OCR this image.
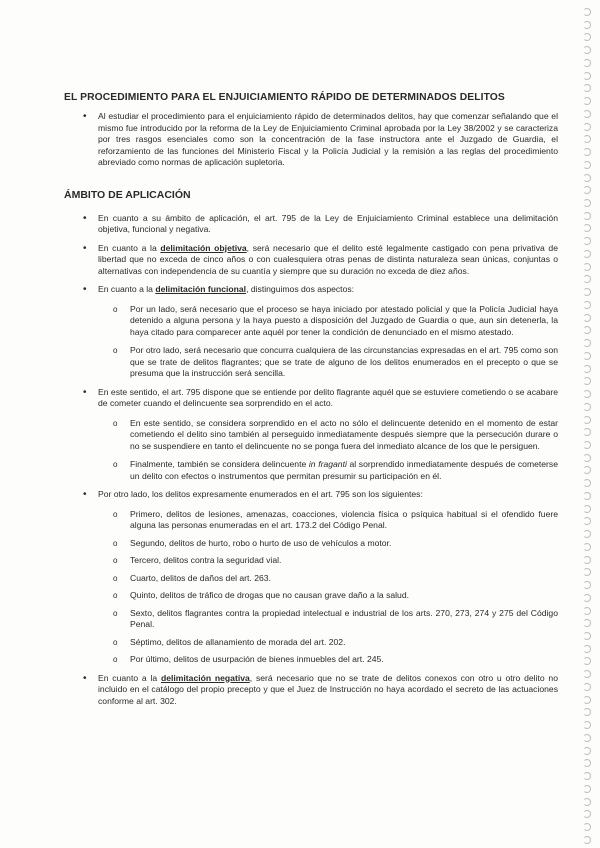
EL PROCEDIMIENTO PARA EL ENJUICIAMIENTO RÁPIDO DE DETERMINADOS DELITOS
• Al estudiar el procedimiento para el enjuiciamiento rápido de determinados delitos, hay que comenzar señalando que el mismo fue introducido por la reforma de la Ley de Enjuiciamiento Criminal aprobada por la Ley 38/2002 y se caracteriza por tres rasgos esenciales como son la concentración de la fase instructora ante el Juzgado de Guardia, el reforzamiento de las funciones del Ministerio Fiscal y la Policía Judicial y la remisión a las reglas del procedimiento abreviado como normas de aplicación supletoria.
ÁMBITO DE APLICACIÓN
• En cuanto a su ámbito de aplicación, el art. 795 de la Ley de Enjuiciamiento Criminal establece una delimitación objetiva, funcional y negativa.
• En cuanto a la delimitación objetiva, será necesario que el delito esté legalmente castigado con pena privativa de libertad que no exceda de cinco años o con cualesquiera otras penas de distinta naturaleza sean únicas, conjuntas o alternativas con independencia de su cuantía y siempre que su duración no exceda de diez años.
• En cuanto a la delimitación funcional, distinguimos dos aspectos:
o Por un lado, será necesario que el proceso se haya iniciado por atestado policial y que la Policía Judicial haya detenido a alguna persona y la haya puesto a disposición del Juzgado de Guardia o que, aun sin detenerla, la haya citado para comparecer ante aquél por tener la condición de denunciado en el mismo atestado.
o Por otro lado, será necesario que concurra cualquiera de las circunstancias expresadas en el art. 795 como son que se trate de delitos flagrantes; que se trate de alguno de los delitos enumerados en el precepto o que se presuma que la instrucción será sencilla.
• En este sentido, el art. 795 dispone que se entiende por delito flagrante aquél que se estuviere cometiendo o se acabare de cometer cuando el delincuente sea sorprendido en el acto.
o En este sentido, se considera sorprendido en el acto no sólo el delincuente detenido en el momento de estar cometiendo el delito sino también al perseguido inmediatamente después siempre que la persecución durare o no se suspendiere en tanto el delincuente no se ponga fuera del inmediato alcance de los que le persiguen.
o Finalmente, también se considera delincuente in fraganti al sorprendido inmediatamente después de cometerse un delito con efectos o instrumentos que permitan presumir su participación en él.
• Por otro lado, los delitos expresamente enumerados en el art. 795 son los siguientes:
o Primero, delitos de lesiones, amenazas, coacciones, violencia física o psíquica habitual si el ofendido fuere alguna las personas enumeradas en el art. 173.2 del Código Penal.
o Segundo, delitos de hurto, robo o hurto de uso de vehículos a motor.
o Tercero, delitos contra la seguridad vial.
o Cuarto, delitos de daños del art. 263.
o Quinto, delitos de tráfico de drogas que no causan grave daño a la salud.
o Sexto, delitos flagrantes contra la propiedad intelectual e industrial de los arts. 270, 273, 274 y 275 del Código Penal.
o Séptimo, delitos de allanamiento de morada del art. 202.
o Por último, delitos de usurpación de bienes inmuebles del art. 245.
• En cuanto a la delimitación negativa, será necesario que no se trate de delitos conexos con otro u otro delito no incluido en el catálogo del propio precepto y que el Juez de Instrucción no haya acordado el secreto de las actuaciones conforme al art. 302.
